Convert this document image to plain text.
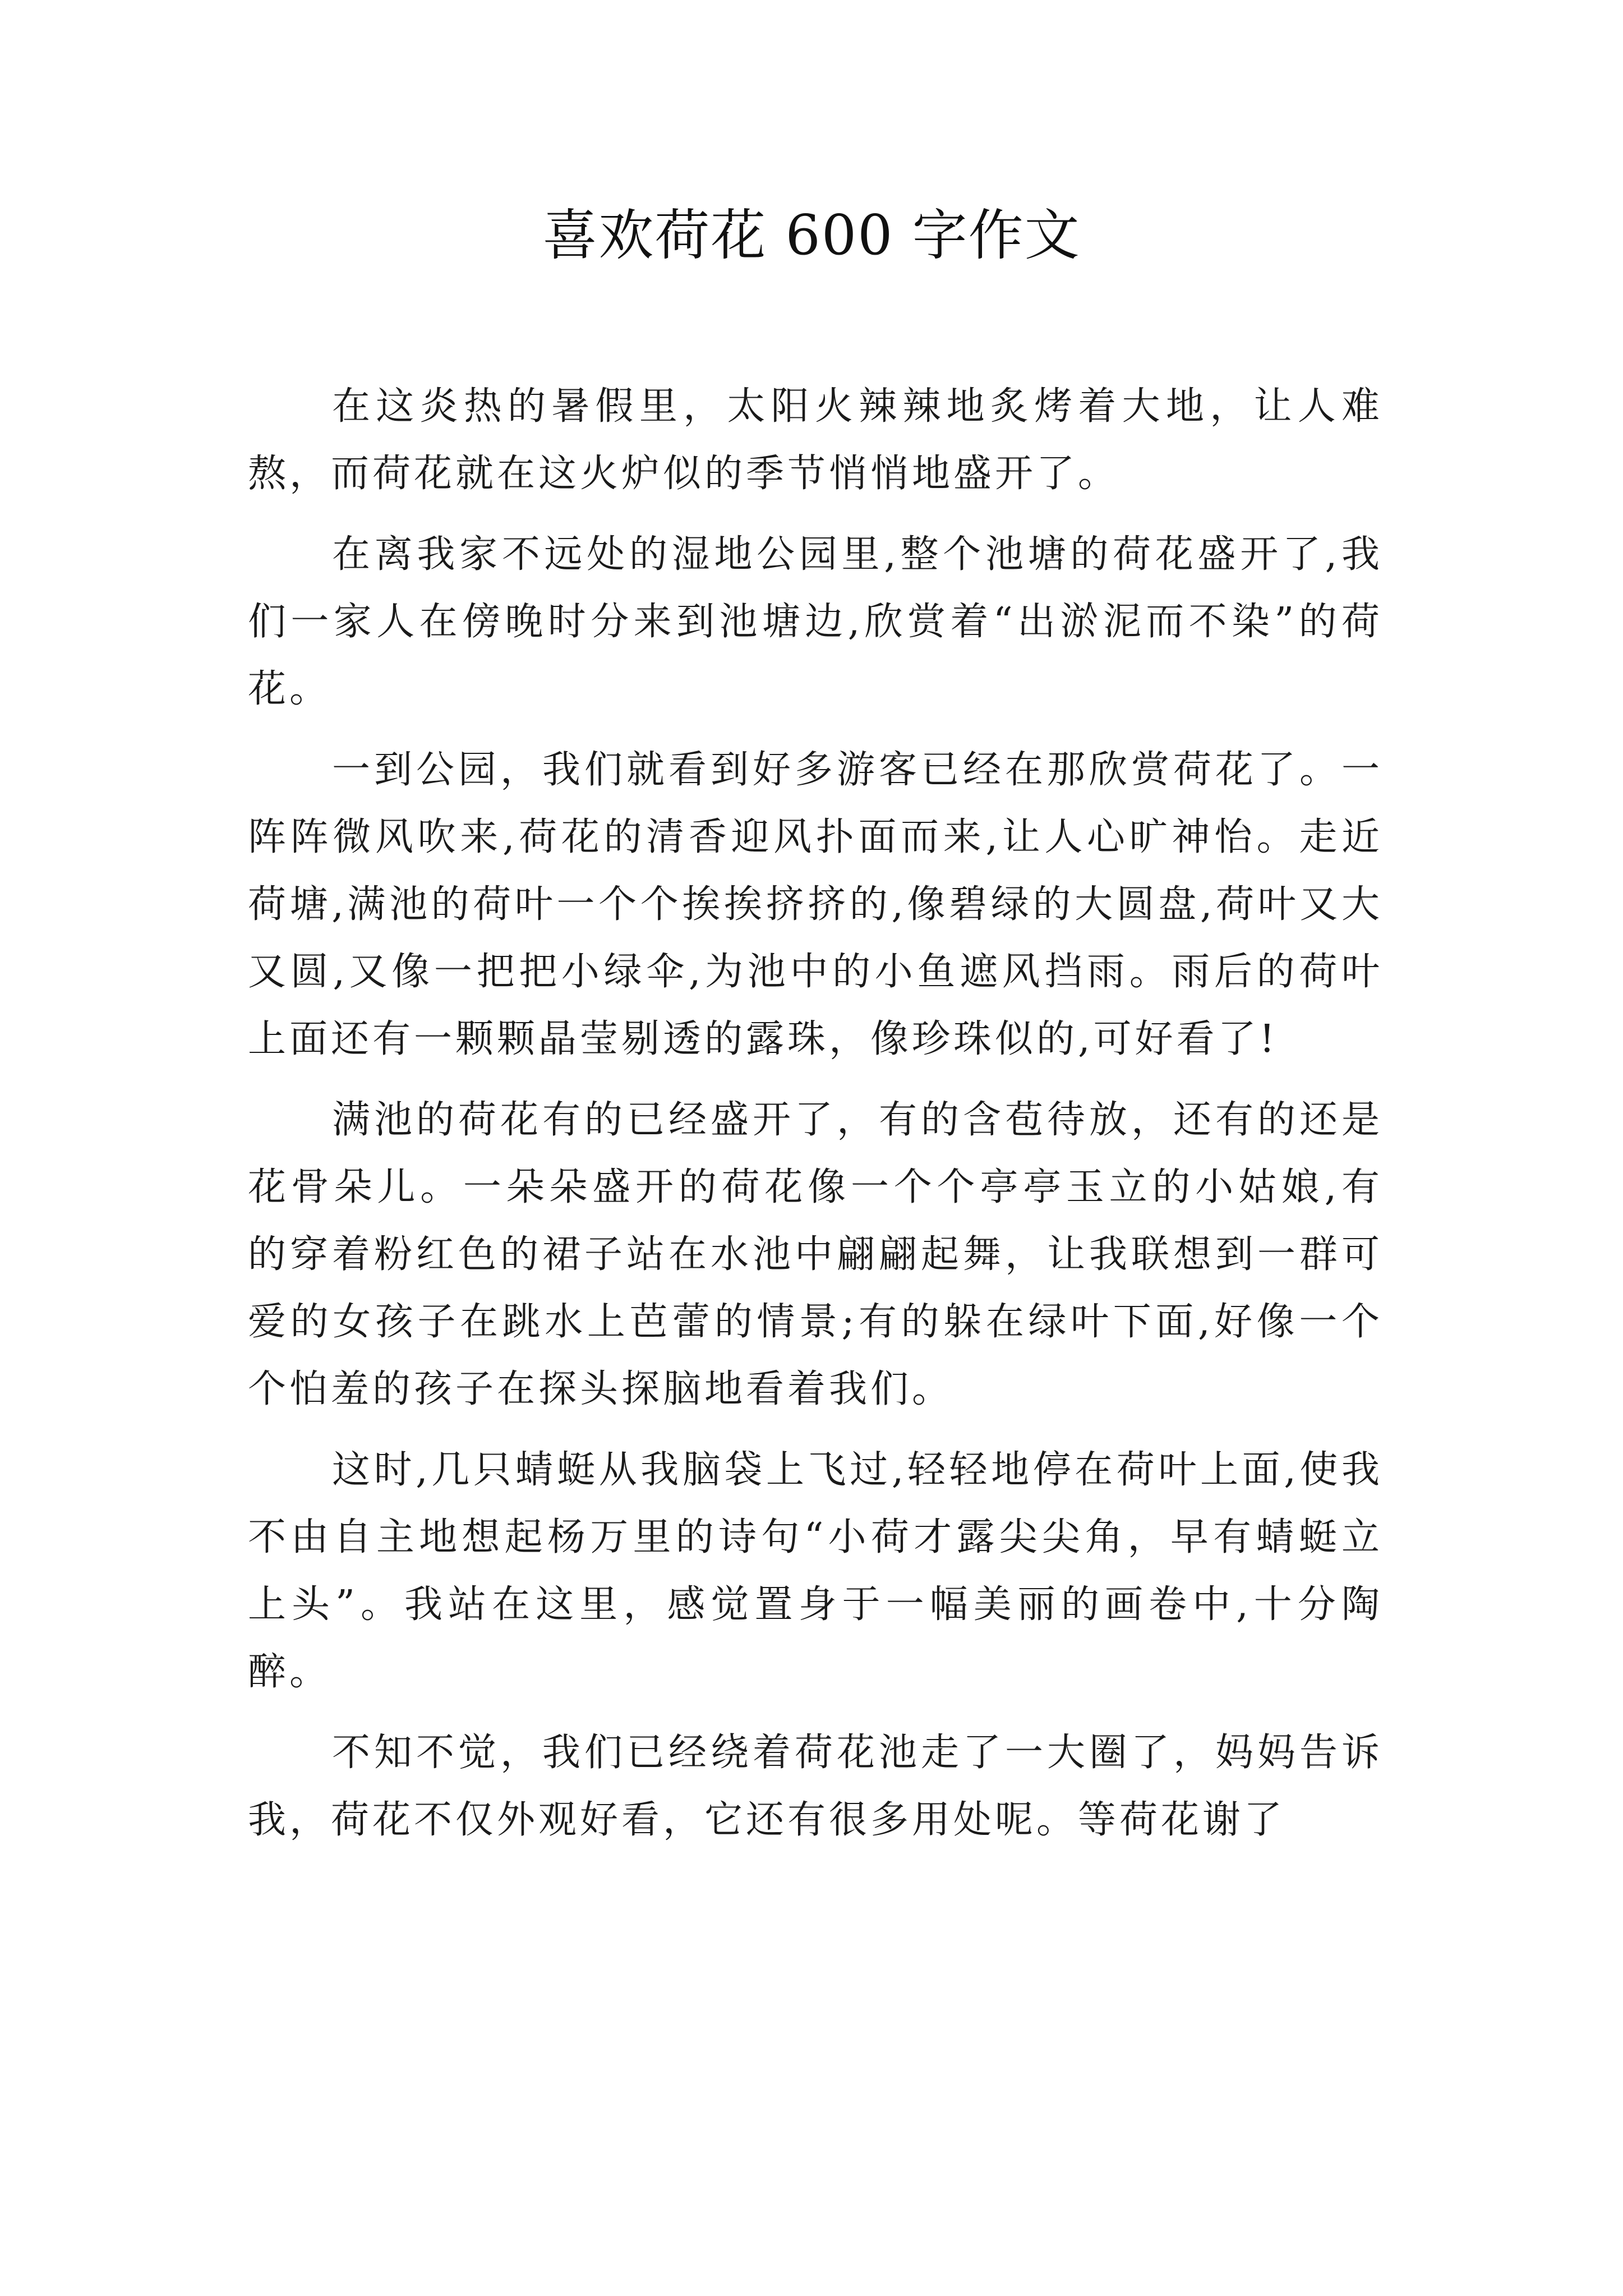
喜欢荷花 600 字作文

在这炎热的暑假里，太阳火辣辣地炙烤着大地，让人难熬，而荷花就在这火炉似的季节悄悄地盛开了。

在离我家不远处的湿地公园里,整个池塘的荷花盛开了,我们一家人在傍晚时分来到池塘边,欣赏着“出淤泥而不染”的荷花。

一到公园，我们就看到好多游客已经在那欣赏荷花了。一阵阵微风吹来,荷花的清香迎风扑面而来,让人心旷神怡。走近荷塘,满池的荷叶一个个挨挨挤挤的,像碧绿的大圆盘,荷叶又大又圆,又像一把把小绿伞,为池中的小鱼遮风挡雨。雨后的荷叶上面还有一颗颗晶莹剔透的露珠，像珍珠似的,可好看了!

满池的荷花有的已经盛开了，有的含苞待放，还有的还是花骨朵儿。一朵朵盛开的荷花像一个个亭亭玉立的小姑娘,有的穿着粉红色的裙子站在水池中翩翩起舞，让我联想到一群可爱的女孩子在跳水上芭蕾的情景;有的躲在绿叶下面,好像一个个怕羞的孩子在探头探脑地看着我们。

这时,几只蜻蜓从我脑袋上飞过,轻轻地停在荷叶上面,使我不由自主地想起杨万里的诗句“小荷才露尖尖角，早有蜻蜓立上头”。我站在这里，感觉置身于一幅美丽的画卷中,十分陶醉。

不知不觉，我们已经绕着荷花池走了一大圈了，妈妈告诉我，荷花不仅外观好看，它还有很多用处呢。等荷花谢了
